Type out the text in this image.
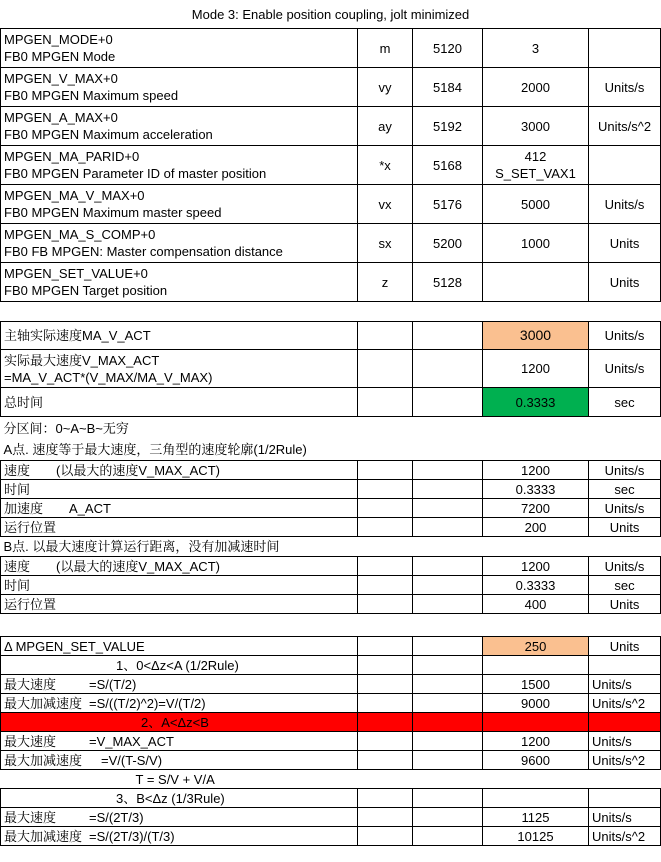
Mode 3: Enable position coupling, jolt minimized				
MPGEN_MODE+0
FB0 MPGEN Mode	m	5120	3	
MPGEN_V_MAX+0
FB0 MPGEN Maximum speed	vy	5184	2000	Units/s
MPGEN_A_MAX+0
FB0 MPGEN Maximum acceleration	ay	5192	3000	Units/s^2
MPGEN_MA_PARID+0
FB0 MPGEN Parameter ID of master position	*x	5168	412
S_SET_VAX1	
MPGEN_MA_V_MAX+0
FB0 MPGEN Maximum master speed	vx	5176	5000	Units/s
MPGEN_MA_S_COMP+0
FB0 FB MPGEN: Master compensation distance	sx	5200	1000	Units
MPGEN_SET_VALUE+0
FB0 MPGEN Target position	z	5128		Units

主轴实际速度MA_V_ACT			3000	Units/s
实际最大速度V_MAX_ACT
=MA_V_ACT*(V_MAX/MA_V_MAX)			1200	Units/s
总时间			0.3333	sec
分区间：0~A~B~无穷				
A点. 速度等于最大速度，三角型的速度轮廓(1/2Rule)				
速度　　(以最大的速度V_MAX_ACT)			1200	Units/s
时间			0.3333	sec
加速度　　A_ACT			7200	Units/s
运行位置			200	Units
B点. 以最大速度计算运行距离，没有加减速时间				
速度　　(以最大的速度V_MAX_ACT)			1200	Units/s
时间			0.3333	sec
运行位置			400	Units

Δ MPGEN_SET_VALUE			250	Units
1、0<Δz<A (1/2Rule)				
最大速度 =S/(T/2)			1500	Units/s
最大加减速度 =S/((T/2)^2)=V/(T/2)			9000	Units/s^2
2、A<Δz<B				
最大速度 =V_MAX_ACT			1200	Units/s
最大加减速度 =V/(T-S/V)			9600	Units/s^2
T = S/V + V/A				
3、B<Δz (1/3Rule)				
最大速度 =S/(2T/3)			1125	Units/s
最大加减速度 =S/(2T/3)/(T/3)			10125	Units/s^2
